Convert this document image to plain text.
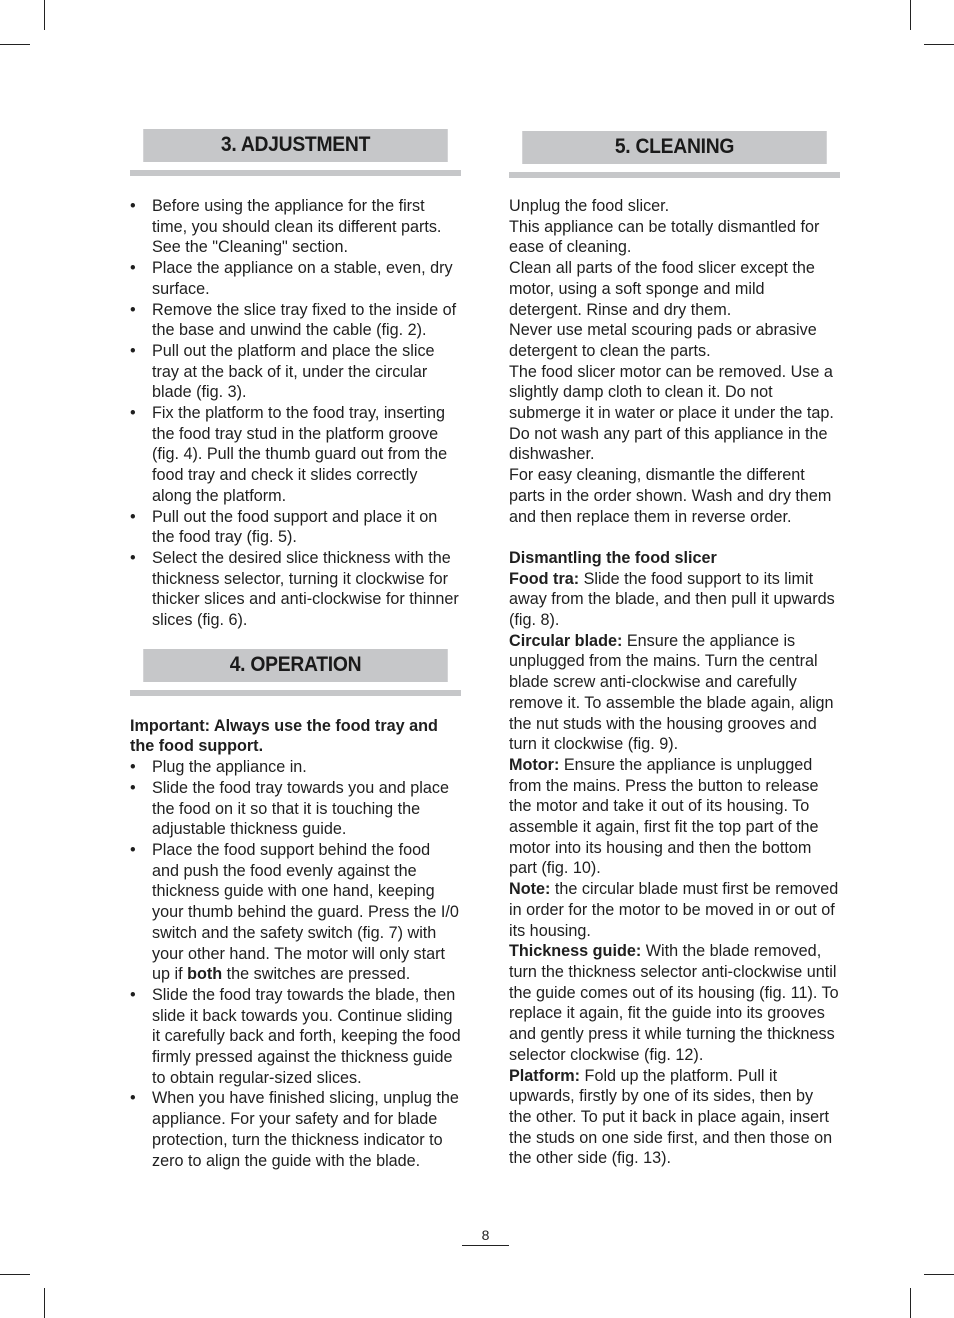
3. ADJUSTMENT
• Before using the appliance for the first time, you should clean its different parts. See the "Cleaning" section.
• Place the appliance on a stable, even, dry surface.
• Remove the slice tray fixed to the inside of the base and unwind the cable (fig. 2).
• Pull out the platform and place the slice tray at the back of it, under the circular blade (fig. 3).
• Fix the platform to the food tray, inserting the food tray stud in the platform groove (fig. 4). Pull the thumb guard out from the food tray and check it slides correctly along the platform.
• Pull out the food support and place it on the food tray (fig. 5).
• Select the desired slice thickness with the thickness selector, turning it clockwise for thicker slices and anti-clockwise for thinner slices (fig. 6).
4. OPERATION

Important: Always use the food tray and the food support.

• Plug the appliance in.
• Slide the food tray towards you and place the food on it so that it is touching the adjustable thickness guide.
• Place the food support behind the food and push the food evenly against the thickness guide with one hand, keeping your thumb behind the guard. Press the I/0 switch and the safety switch (fig. 7) with your other hand. The motor will only start up if both the switches are pressed.
• Slide the food tray towards the blade, then slide it back towards you. Continue sliding it carefully back and forth, keeping the food firmly pressed against the thickness guide to obtain regular-sized slices.
• When you have finished slicing, unplug the appliance. For your safety and for blade protection, turn the thickness indicator to zero to align the guide with the blade.
5. CLEANING

Unplug the food slicer.

This appliance can be totally dismantled for ease of cleaning.

Clean all parts of the food slicer except the motor, using a soft sponge and mild detergent. Rinse and dry them.

Never use metal scouring pads or abrasive detergent to clean the parts.

The food slicer motor can be removed. Use a slightly damp cloth to clean it. Do not submerge it in water or place it under the tap.

Do not wash any part of this appliance in the dishwasher.

For easy cleaning, dismantle the different parts in the order shown. Wash and dry them and then replace them in reverse order.

Dismantling the food slicer

Food tra: Slide the food support to its limit away from the blade, and then pull it upwards (fig. 8).

Circular blade: Ensure the appliance is unplugged from the mains. Turn the central blade screw anti-clockwise and carefully remove it. To assemble the blade again, align the nut studs with the housing grooves and turn it clockwise (fig. 9).

Motor: Ensure the appliance is unplugged from the mains. Press the button to release the motor and take it out of its housing. To assemble it again, first fit the top part of the motor into its housing and then the bottom part (fig. 10).

Note: the circular blade must first be removed in order for the motor to be moved in or out of its housing.

Thickness guide: With the blade removed, turn the thickness selector anti-clockwise until the guide comes out of its housing (fig. 11). To replace it again, fit the guide into its grooves and gently press it while turning the thickness selector clockwise (fig. 12).

Platform: Fold up the platform. Pull it upwards, firstly by one of its sides, then by the other. To put it back in place again, insert the studs on one side first, and then those on the other side (fig. 13).

8
